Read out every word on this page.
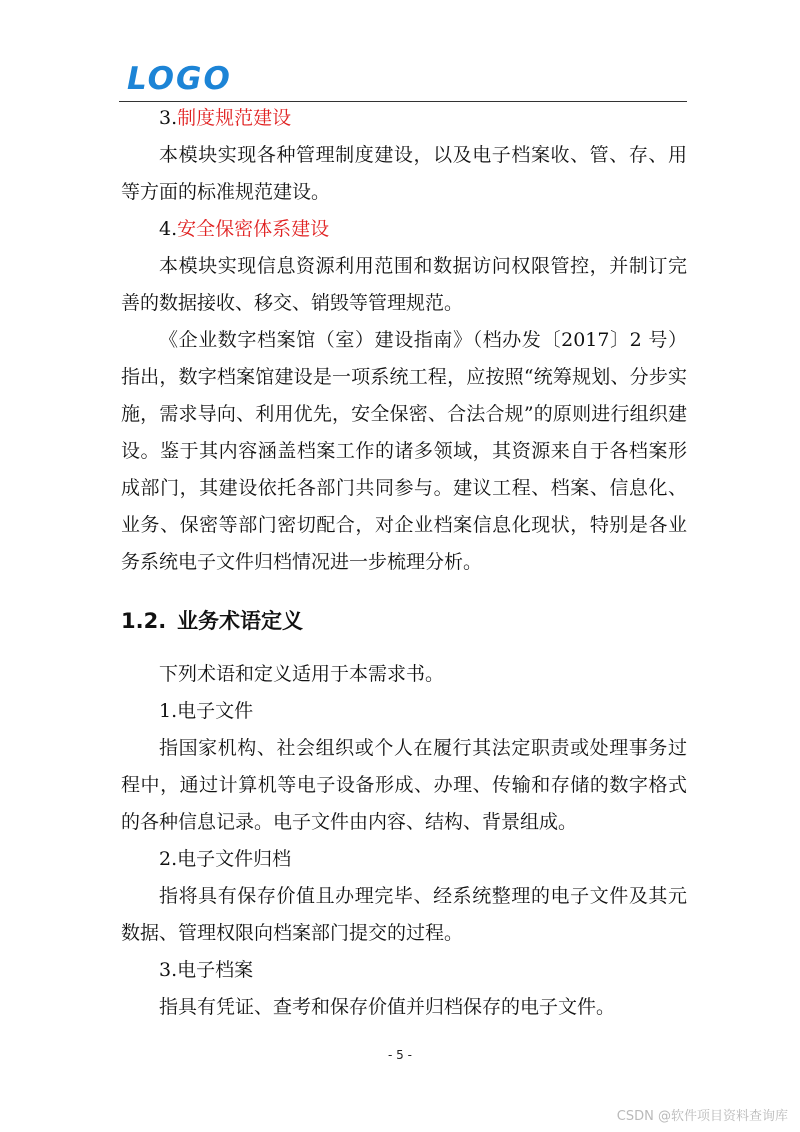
LOGO

3.制度规范建设

本模块实现各种管理制度建设，以及电子档案收、管、存、用等方面的标准规范建设。

4.安全保密体系建设

本模块实现信息资源利用范围和数据访问权限管控，并制订完善的数据接收、移交、销毁等管理规范。

《企业数字档案馆（室）建设指南》（档办发〔2017〕2 号）指出，数字档案馆建设是一项系统工程，应按照“统筹规划、分步实施，需求导向、利用优先，安全保密、合法合规”的原则进行组织建设。鉴于其内容涵盖档案工作的诸多领域，其资源来自于各档案形成部门，其建设依托各部门共同参与。建议工程、档案、信息化、业务、保密等部门密切配合，对企业档案信息化现状，特别是各业务系统电子文件归档情况进一步梳理分析。

1.2. 业务术语定义

下列术语和定义适用于本需求书。

1.电子文件

指国家机构、社会组织或个人在履行其法定职责或处理事务过程中，通过计算机等电子设备形成、办理、传输和存储的数字格式的各种信息记录。电子文件由内容、结构、背景组成。

2.电子文件归档

指将具有保存价值且办理完毕、经系统整理的电子文件及其元数据、管理权限向档案部门提交的过程。

3.电子档案

指具有凭证、查考和保存价值并归档保存的电子文件。

- 5 -
CSDN @软件项目资料查询库
